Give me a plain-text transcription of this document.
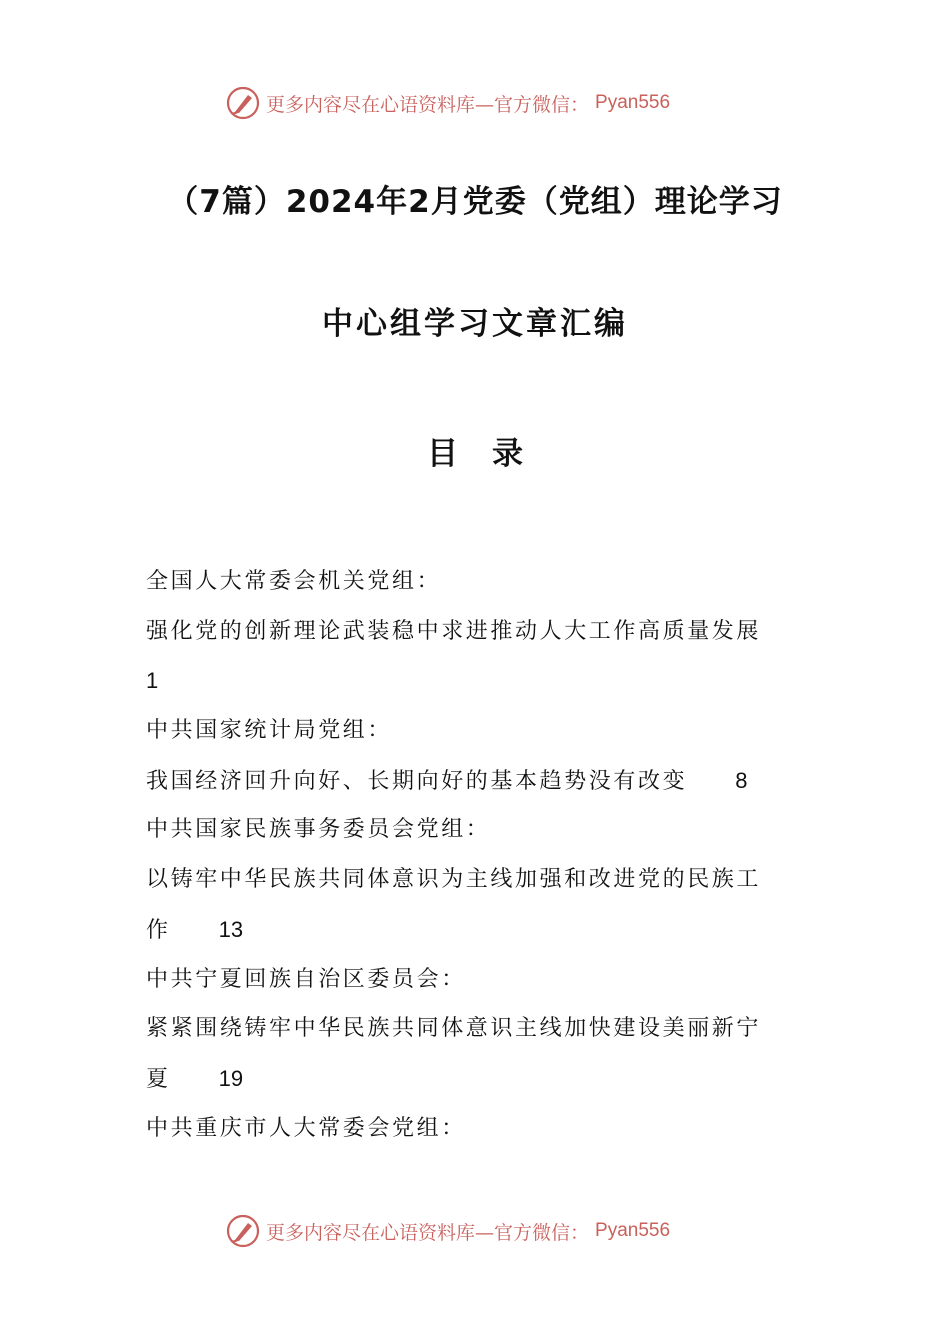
更多内容尽在心语资料库—官方微信： Pyan556
（7篇）2024年2月党委（党组）理论学习
中心组学习文章汇编
目录
全国人大常委会机关党组：
强化党的创新理论武装稳中求进推动人大工作高质量发展
1
中共国家统计局党组：
我国经济回升向好、长期向好的基本趋势没有改变 8
中共国家民族事务委员会党组：
以铸牢中华民族共同体意识为主线加强和改进党的民族工
作 13
中共宁夏回族自治区委员会：
紧紧围绕铸牢中华民族共同体意识主线加快建设美丽新宁
夏 19
中共重庆市人大常委会党组：
更多内容尽在心语资料库—官方微信： Pyan556
